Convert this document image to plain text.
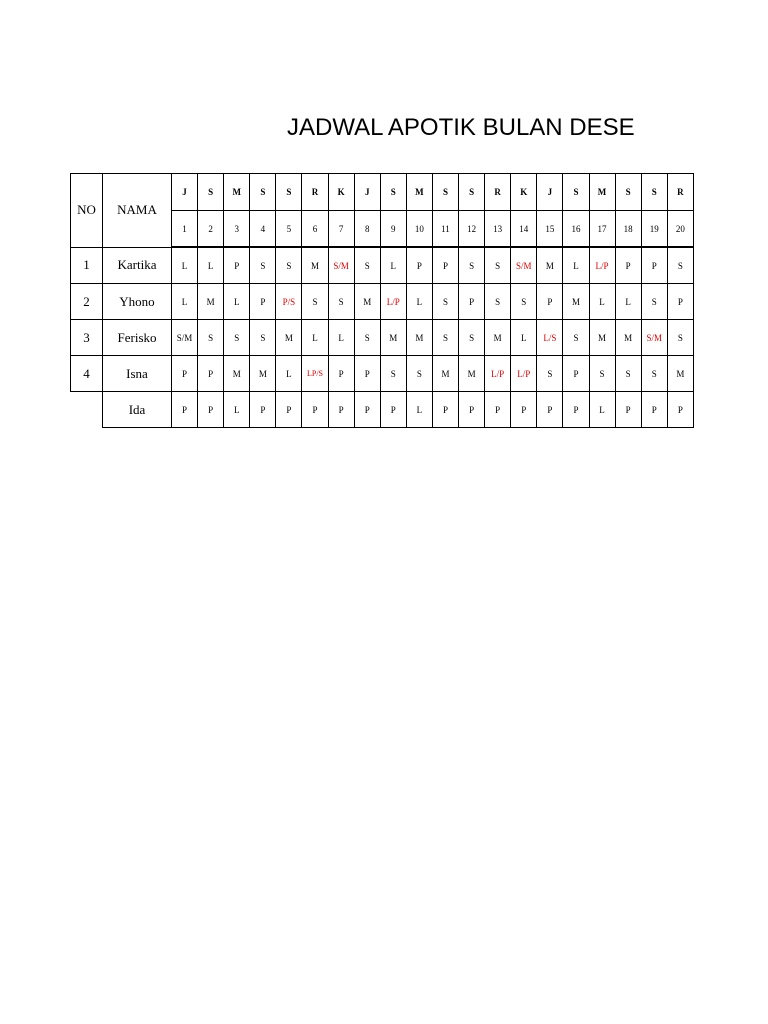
JADWAL APOTIK BULAN DESE
NO	NAMA	J	S	M	S	S	R	K	J	S	M	S	S	R	K	J	S	M	S	S	R
		1	2	3	4	5	6	7	8	9	10	11	12	13	14	15	16	17	18	19	20
1	Kartika	L	L	P	S	S	M	S/M	S	L	P	P	S	S	S/M	M	L	L/P	P	P	S
2	Yhono	L	M	L	P	P/S	S	S	M	L/P	L	S	P	S	S	P	M	L	L	S	P
3	Ferisko	S/M	S	S	S	M	L	L	S	M	M	S	S	M	L	L/S	S	M	M	S/M	S
4	Isna	P	P	M	M	L	LP/S	P	P	S	S	M	M	L/P	L/P	S	P	S	S	S	M
	Ida	P	P	L	P	P	P	P	P	P	L	P	P	P	P	P	P	L	P	P	P
